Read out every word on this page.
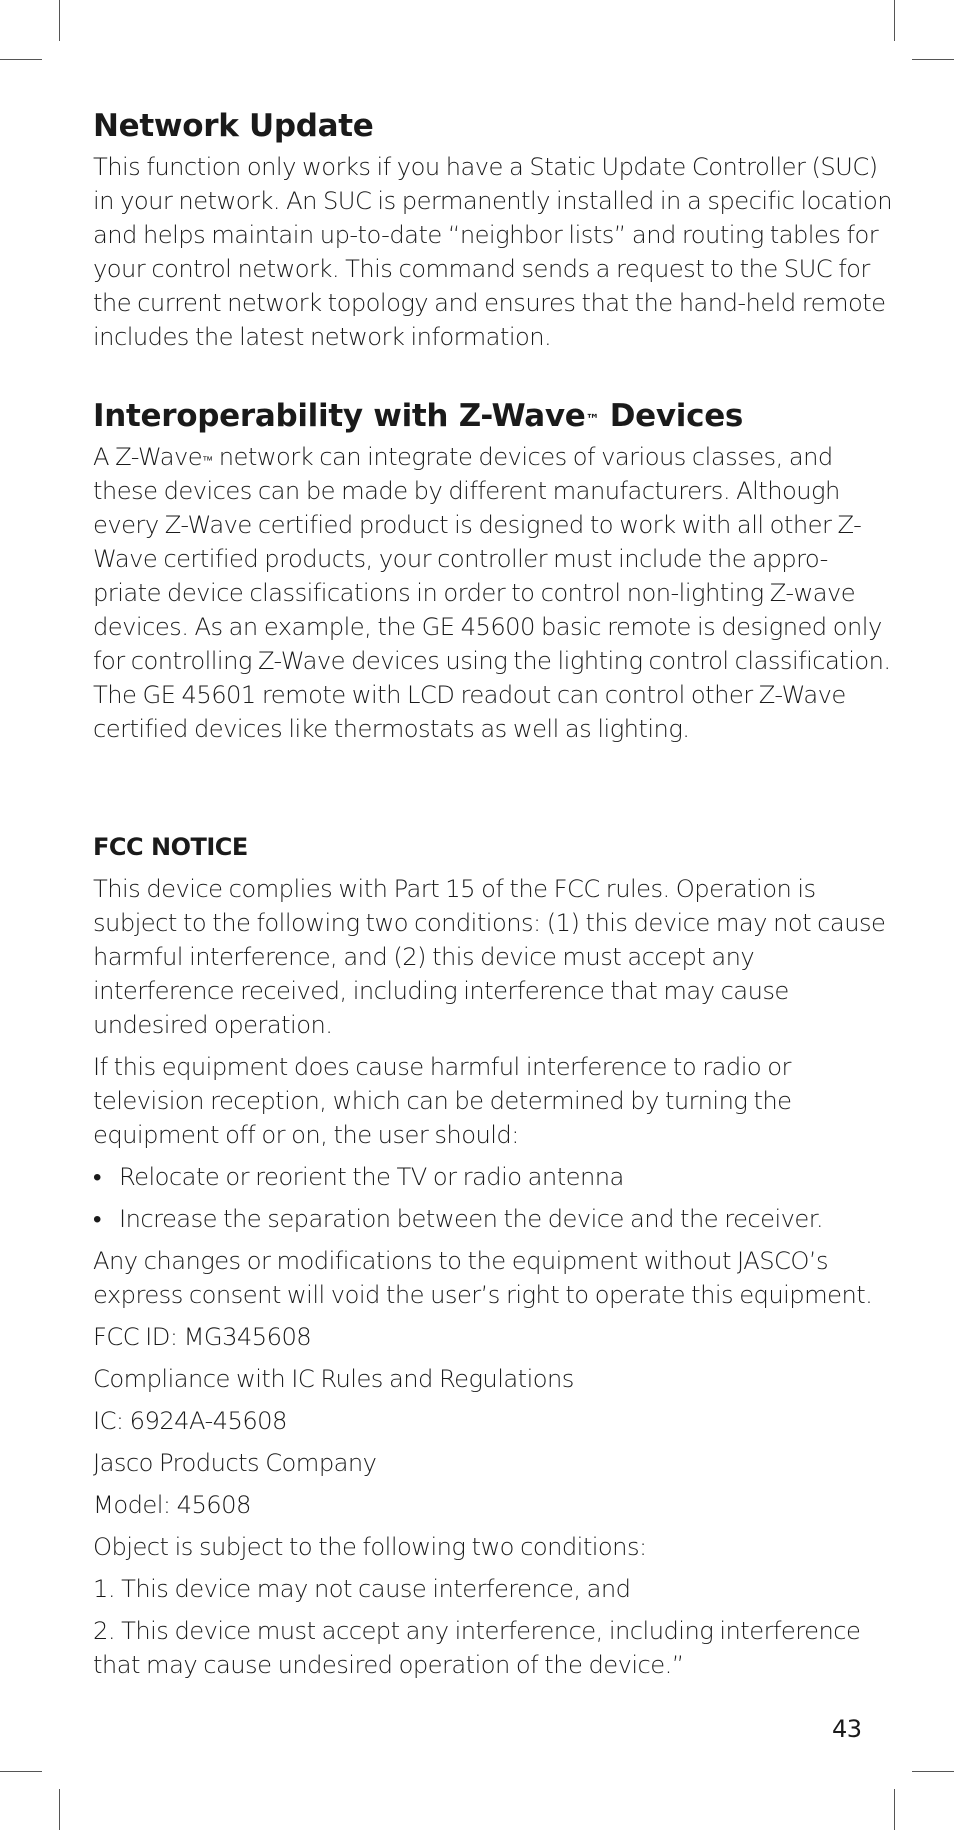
Network Update

This function only works if you have a Static Update Controller (SUC) in your network. An SUC is permanently installed in a specific location and helps maintain up-to-date “neighbor lists” and routing tables for your control network. This command sends a request to the SUC for the current network topology and ensures that the hand-held remote includes the latest network information.

Interoperability with Z-Wave™ Devices

A Z-Wave™ network can integrate devices of various classes, and these devices can be made by different manufacturers. Although every Z-Wave certified product is designed to work with all other Z-Wave certified products, your controller must include the appro-priate device classifications in order to control non-lighting Z-wave devices. As an example, the GE 45600 basic remote is designed only for controlling Z-Wave devices using the lighting control classification. The GE 45601 remote with LCD readout can control other Z-Wave certified devices like thermostats as well as lighting.

FCC NOTICE

This device complies with Part 15 of the FCC rules. Operation is subject to the following two conditions: (1) this device may not cause harmful interference, and (2) this device must accept any interference received, including interference that may cause undesired operation.

If this equipment does cause harmful interference to radio or television reception, which can be determined by turning the equipment off or on, the user should:

• Relocate or reorient the TV or radio antenna

• Increase the separation between the device and the receiver.

Any changes or modifications to the equipment without JASCO’s express consent will void the user’s right to operate this equipment.

FCC ID: MG345608

Compliance with IC Rules and Regulations

IC: 6924A-45608

Jasco Products Company

Model: 45608

Object is subject to the following two conditions:

1. This device may not cause interference, and

2. This device must accept any interference, including interference that may cause undesired operation of the device.”

43
